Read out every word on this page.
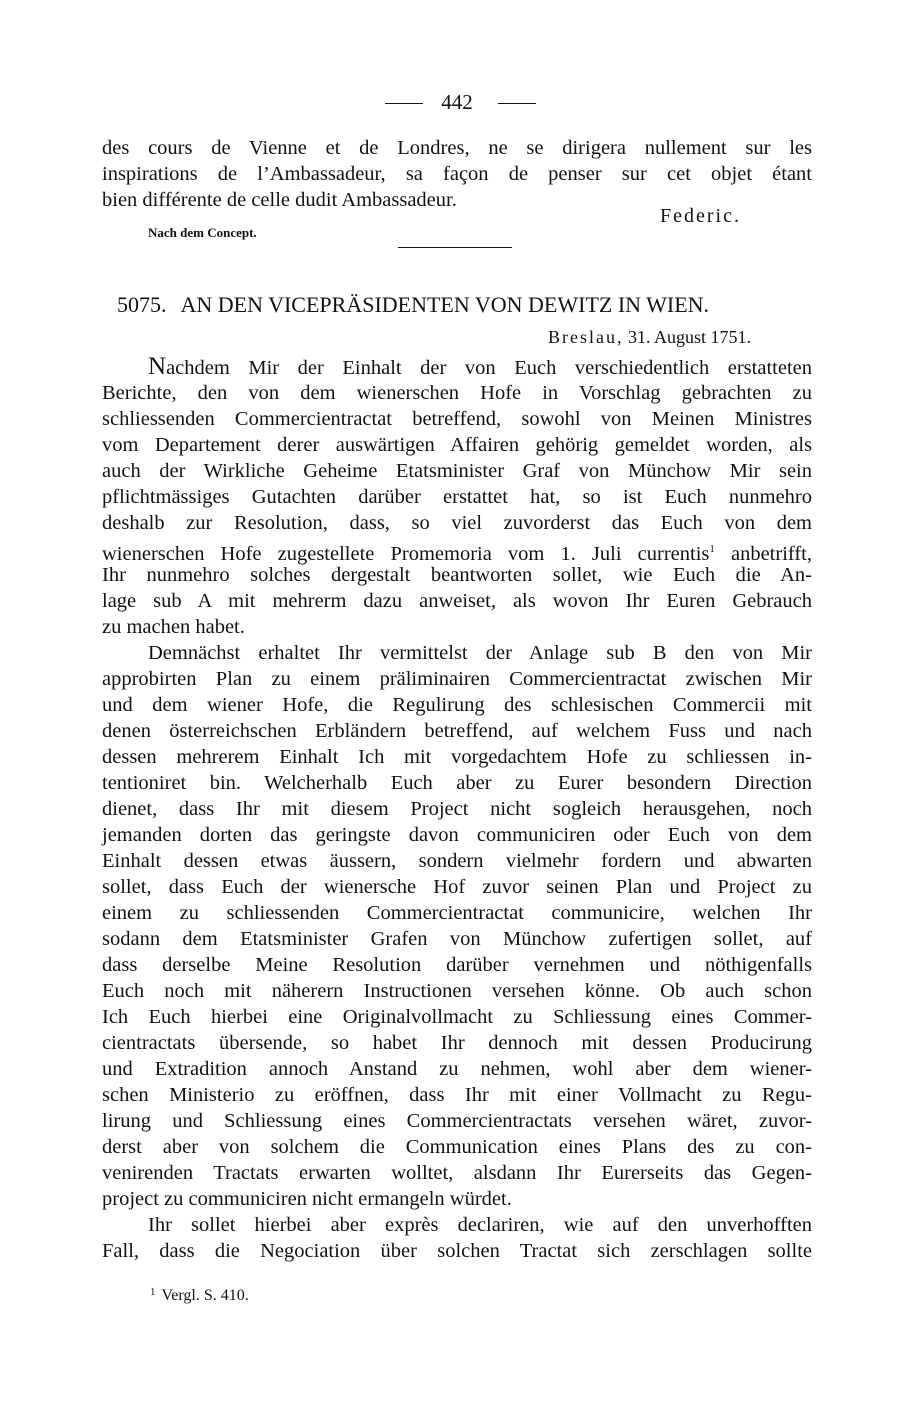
442
des cours de Vienne et de Londres, ne se dirigera nullement sur les
inspirations de l’Ambassadeur, sa façon de penser sur cet objet étant
bien différente de celle dudit Ambassadeur.
Federic.
Nach dem Concept.
5075. AN DEN VICEPRÄSIDENTEN VON DEWITZ IN WIEN.
Breslau, 31. August 1751.
Nachdem Mir der Einhalt der von Euch verschiedentlich erstatteten
Berichte, den von dem wienerschen Hofe in Vorschlag gebrachten zu
schliessenden Commercientractat betreffend, sowohl von Meinen Ministres
vom Departement derer auswärtigen Affairen gehörig gemeldet worden, als
auch der Wirkliche Geheime Etatsminister Graf von Münchow Mir sein
pflichtmässiges Gutachten darüber erstattet hat, so ist Euch nunmehro
deshalb zur Resolution, dass, so viel zuvorderst das Euch von dem
wienerschen Hofe zugestellete Promemoria vom 1. Juli currentis$^1$ anbetrifft,
Ihr nunmehro solches dergestalt beantworten sollet, wie Euch die An-
lage sub A mit mehrerm dazu anweiset, als wovon Ihr Euren Gebrauch
zu machen habet.
Demnächst erhaltet Ihr vermittelst der Anlage sub B den von Mir
approbirten Plan zu einem präliminairen Commercientractat zwischen Mir
und dem wiener Hofe, die Regulirung des schlesischen Commercii mit
denen österreichschen Erbländern betreffend, auf welchem Fuss und nach
dessen mehrerem Einhalt Ich mit vorgedachtem Hofe zu schliessen in-
tentioniret bin. Welcherhalb Euch aber zu Eurer besondern Direction
dienet, dass Ihr mit diesem Project nicht sogleich herausgehen, noch
jemanden dorten das geringste davon communiciren oder Euch von dem
Einhalt dessen etwas äussern, sondern vielmehr fordern und abwarten
sollet, dass Euch der wienersche Hof zuvor seinen Plan und Project zu
einem zu schliessenden Commercientractat communicire, welchen Ihr
sodann dem Etatsminister Grafen von Münchow zufertigen sollet, auf
dass derselbe Meine Resolution darüber vernehmen und nöthigenfalls
Euch noch mit näherern Instructionen versehen könne. Ob auch schon
Ich Euch hierbei eine Originalvollmacht zu Schliessung eines Commer-
cientractats übersende, so habet Ihr dennoch mit dessen Producirung
und Extradition annoch Anstand zu nehmen, wohl aber dem wiener-
schen Ministerio zu eröffnen, dass Ihr mit einer Vollmacht zu Regu-
lirung und Schliessung eines Commercientractats versehen wäret, zuvor-
derst aber von solchem die Communication eines Plans des zu con-
venirenden Tractats erwarten wolltet, alsdann Ihr Eurerseits das Gegen-
project zu communiciren nicht ermangeln würdet.
Ihr sollet hierbei aber exprès declariren, wie auf den unverhofften
Fall, dass die Negociation über solchen Tractat sich zerschlagen sollte
$^1$ Vergl. S. 410.
